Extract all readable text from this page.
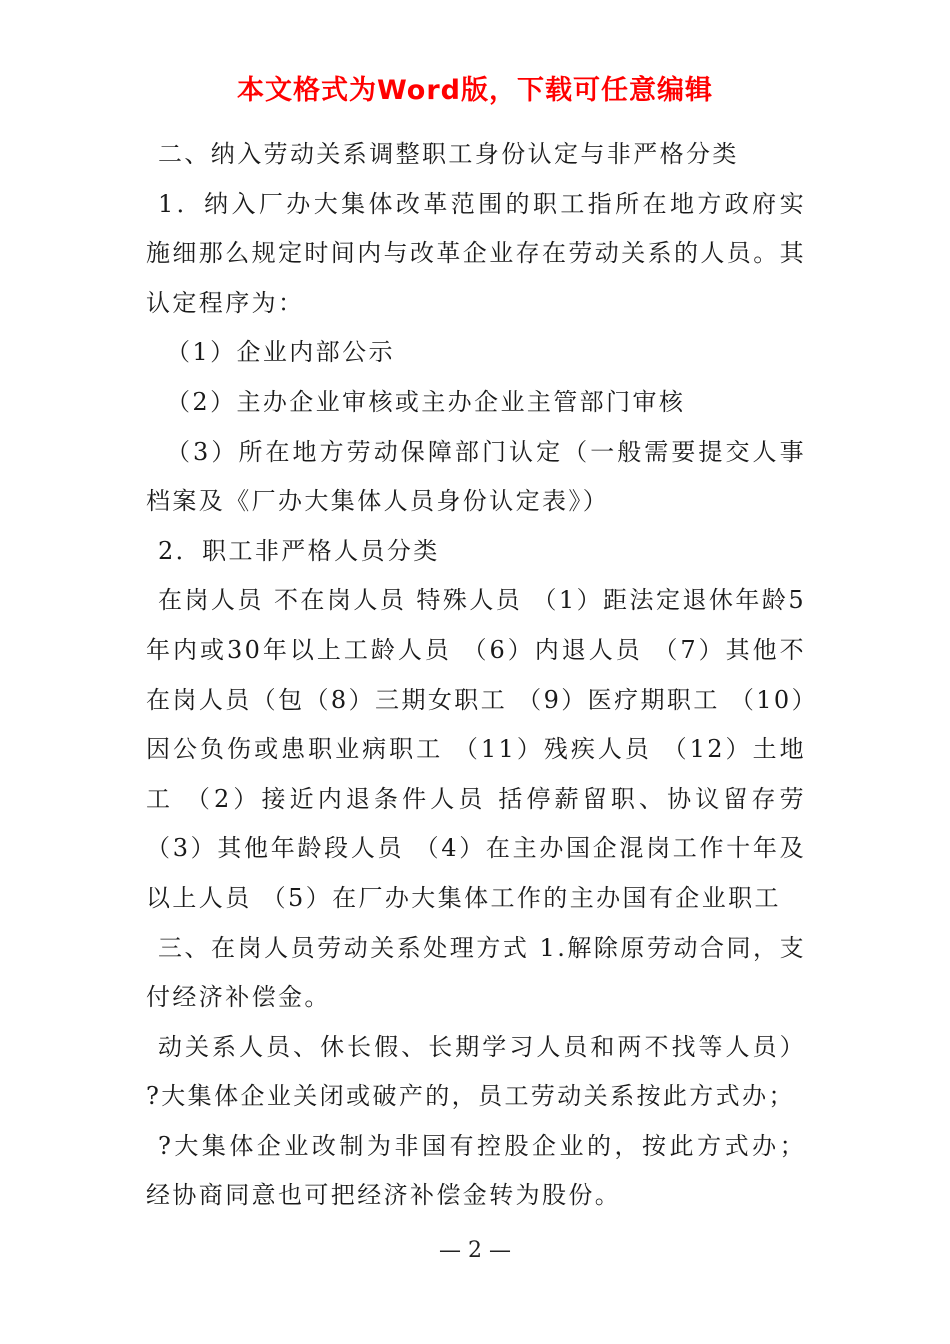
本文格式为Word版，下载可任意编辑

二、纳入劳动关系调整职工身份认定与非严格分类

1．纳入厂办大集体改革范围的职工指所在地方政府实施细那么规定时间内与改革企业存在劳动关系的人员。其认定程序为：

（1）企业内部公示

（2）主办企业审核或主办企业主管部门审核

（3）所在地方劳动保障部门认定（一般需要提交人事档案及《厂办大集体人员身份认定表》）

2．职工非严格人员分类

在岗人员 不在岗人员 特殊人员 （1）距法定退休年龄5年内或30年以上工龄人员 （6）内退人员 （7）其他不在岗人员（包（8）三期女职工 （9）医疗期职工 （10）因公负伤或患职业病职工 （11）残疾人员 （12）土地工 （2）接近内退条件人员 括停薪留职、协议留存劳（3）其他年龄段人员 （4）在主办国企混岗工作十年及以上人员 （5）在厂办大集体工作的主办国有企业职工

三、在岗人员劳动关系处理方式 1.解除原劳动合同，支付经济补偿金。

动关系人员、休长假、长期学习人员和两不找等人员） ?大集体企业关闭或破产的，员工劳动关系按此方式办；

?大集体企业改制为非国有控股企业的，按此方式办；经协商同意也可把经济补偿金转为股份。

— 2 —
